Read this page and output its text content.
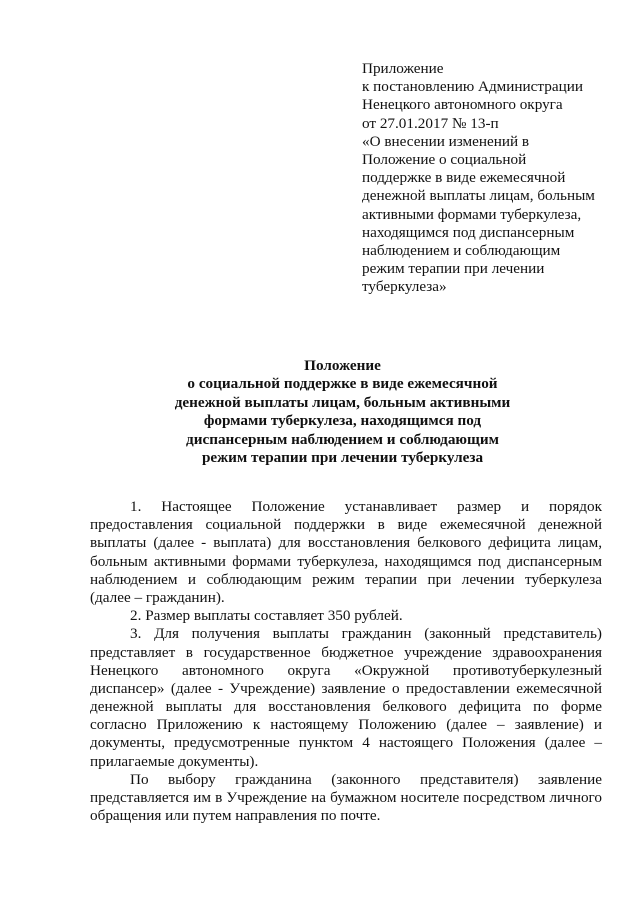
Приложение
к постановлению Администрации
Ненецкого автономного округа
от 27.01.2017 № 13-п
«О внесении изменений в
Положение о социальной
поддержке в виде ежемесячной
денежной выплаты лицам, больным
активными формами туберкулеза,
находящимся под диспансерным
наблюдением и соблюдающим
режим терапии при лечении
туберкулеза»
Положение
о социальной поддержке в виде ежемесячной
денежной выплаты лицам, больным активными
формами туберкулеза, находящимся под
диспансерным наблюдением и соблюдающим
режим терапии при лечении туберкулеза
1. Настоящее Положение устанавливает размер и порядок
предоставления социальной поддержки в виде ежемесячной денежной
выплаты (далее - выплата) для восстановления белкового дефицита лицам,
больным активными формами туберкулеза, находящимся под диспансерным
наблюдением и соблюдающим режим терапии при лечении туберкулеза
(далее – гражданин).
2. Размер выплаты составляет 350 рублей.
3. Для получения выплаты гражданин (законный представитель)
представляет в государственное бюджетное учреждение здравоохранения
Ненецкого автономного округа «Окружной противотуберкулезный
диспансер» (далее - Учреждение) заявление о предоставлении ежемесячной
денежной выплаты для восстановления белкового дефицита по форме
согласно Приложению к настоящему Положению (далее – заявление) и
документы, предусмотренные пунктом 4 настоящего Положения (далее –
прилагаемые документы).
По выбору гражданина (законного представителя) заявление
представляется им в Учреждение на бумажном носителе посредством личного
обращения или путем направления по почте.
